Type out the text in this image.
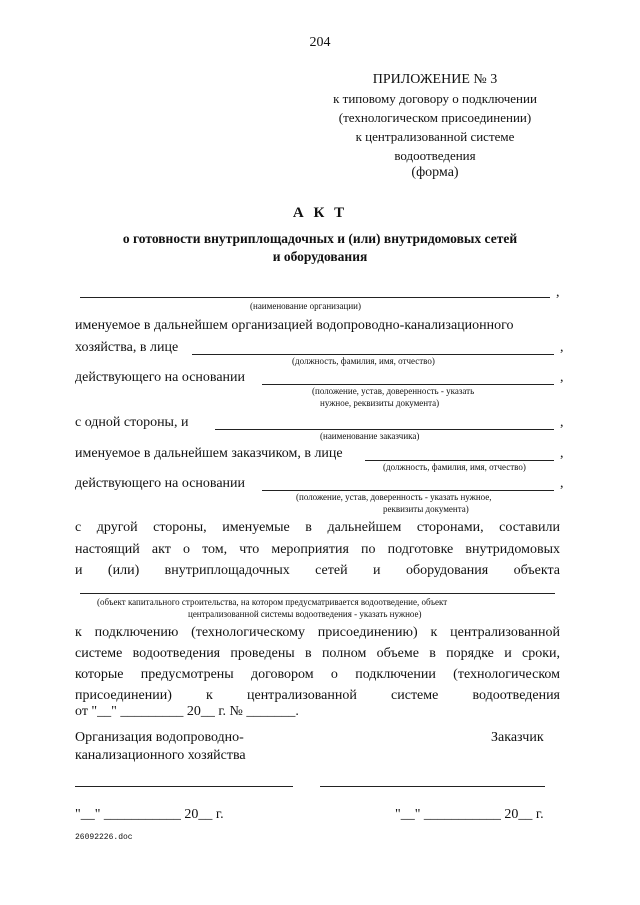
204
ПРИЛОЖЕНИЕ № 3
к типовому договору о подключении
(технологическом присоединении)
к централизованной системе
водоотведения
(форма)
А К Т
о готовности внутриплощадочных и (или) внутридомовых сетей
и оборудования
,
(наименование организации)
именуемое в дальнейшем организацией водопроводно-канализационного
хозяйства, в лице	,
(должность, фамилия, имя, отчество)
действующего на основании	,
(положение, устав, доверенность - указать
нужное, реквизиты документа)
с одной стороны, и	,
(наименование заказчика)
именуемое в дальнейшем заказчиком, в лице	,
(должность, фамилия, имя, отчество)
действующего на основании	,
(положение, устав, доверенность - указать нужное,
реквизиты документа)
с другой стороны, именуемые в дальнейшем сторонами, составили
настоящий акт о том, что мероприятия по подготовке внутридомовых
и (или) внутриплощадочных сетей и оборудования объекта
(объект капитального строительства, на котором предусматривается водоотведение, объект
централизованной системы водоотведения - указать нужное)
к подключению (технологическому присоединению) к централизованной
системе водоотведения проведены в полном объеме в порядке и сроки,
которые предусмотрены договором о подключении (технологическом
присоединении) к централизованной системе водоотведения
от "__" _________ 20__ г. № _______.
Организация водопроводно-
канализационного хозяйства
Заказчик
"__" ___________ 20__ г.	"__" ___________ 20__ г.
26092226.doc
